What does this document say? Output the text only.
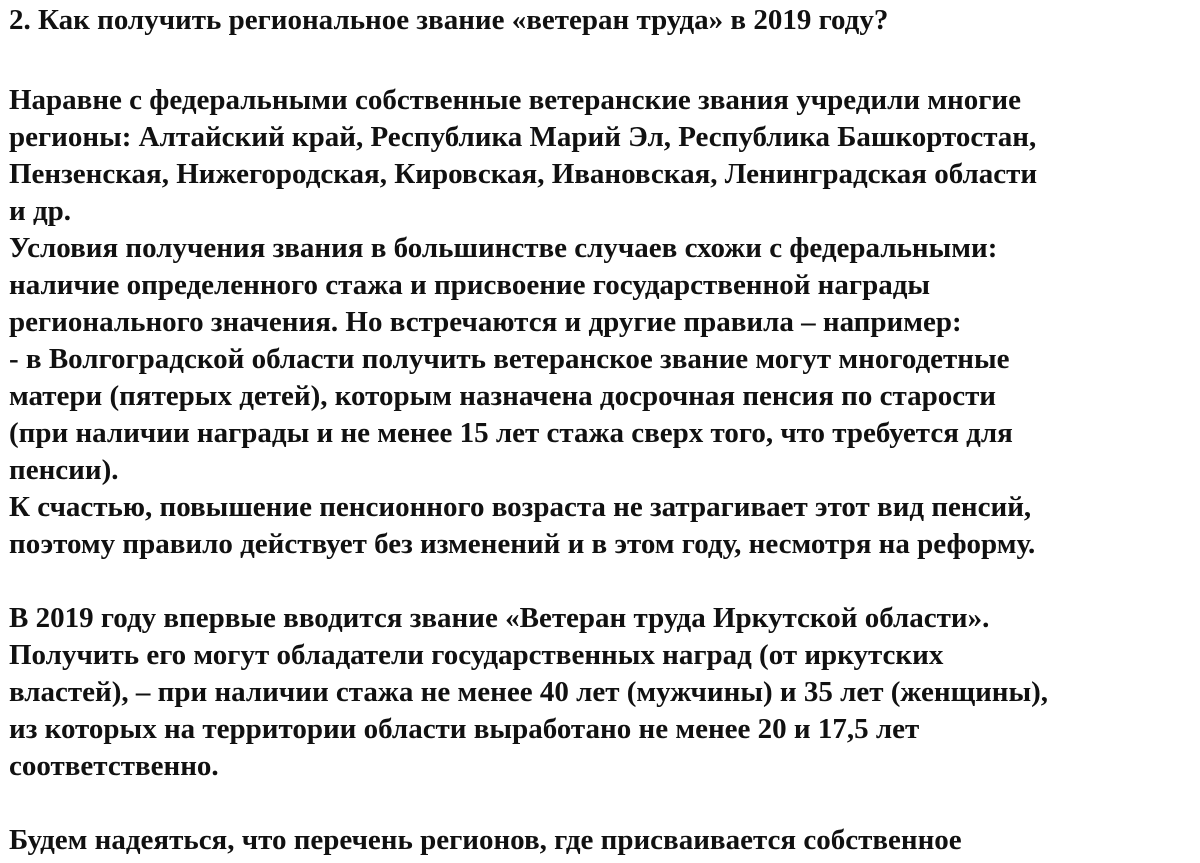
2. Как получить региональное звание «ветеран труда» в 2019 году?

Наравне с федеральными собственные ветеранские звания учредили многие

регионы: Алтайский край, Республика Марий Эл, Республика Башкортостан,

Пензенская, Нижегородская, Кировская, Ивановская, Ленинградская области

и др.

Условия получения звания в большинстве случаев схожи с федеральными:

наличие определенного стажа и присвоение государственной награды

регионального значения. Но встречаются и другие правила – например:

- в Волгоградской области получить ветеранское звание могут многодетные

матери (пятерых детей), которым назначена досрочная пенсия по старости

(при наличии награды и не менее 15 лет стажа сверх того, что требуется для

пенсии).

К счастью, повышение пенсионного возраста не затрагивает этот вид пенсий,

поэтому правило действует без изменений и в этом году, несмотря на реформу.

В 2019 году впервые вводится звание «Ветеран труда Иркутской области».

Получить его могут обладатели государственных наград (от иркутских

властей), – при наличии стажа не менее 40 лет (мужчины) и 35 лет (женщины),

из которых на территории области выработано не менее 20 и 17,5 лет

соответственно.

Будем надеяться, что перечень регионов, где присваивается собственное
